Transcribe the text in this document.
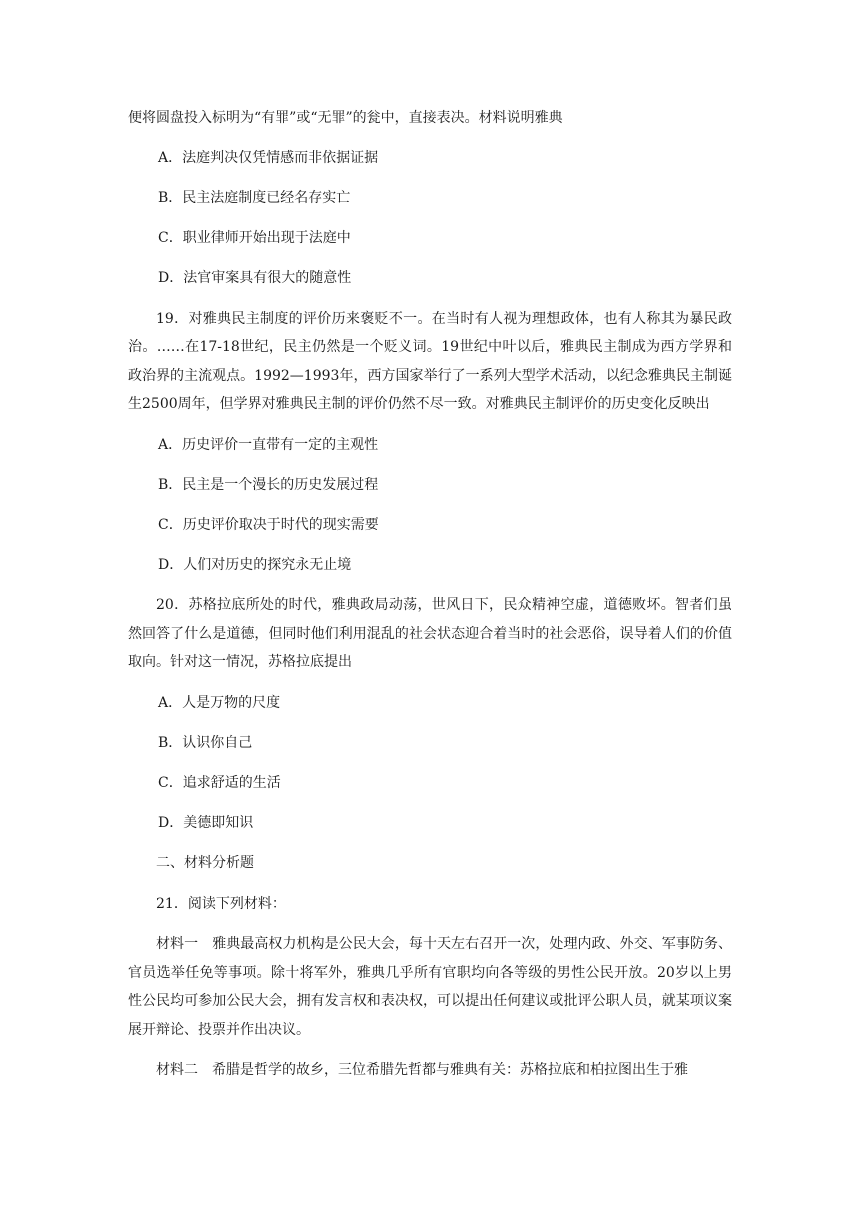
便将圆盘投入标明为“有罪”或“无罪”的瓮中，直接表决。材料说明雅典

A．法庭判决仅凭情感而非依据证据

B．民主法庭制度已经名存实亡

C．职业律师开始出现于法庭中

D．法官审案具有很大的随意性

19．对雅典民主制度的评价历来褒贬不一。在当时有人视为理想政体，也有人称其为暴民政治。……在17-18世纪，民主仍然是一个贬义词。19世纪中叶以后，雅典民主制成为西方学界和政治界的主流观点。1992—1993年，西方国家举行了一系列大型学术活动，以纪念雅典民主制诞生2500周年，但学界对雅典民主制的评价仍然不尽一致。对雅典民主制评价的历史变化反映出

A．历史评价一直带有一定的主观性

B．民主是一个漫长的历史发展过程

C．历史评价取决于时代的现实需要

D．人们对历史的探究永无止境

20．苏格拉底所处的时代，雅典政局动荡，世风日下，民众精神空虚，道德败坏。智者们虽然回答了什么是道德，但同时他们利用混乱的社会状态迎合着当时的社会恶俗，误导着人们的价值取向。针对这一情况，苏格拉底提出

A．人是万物的尺度

B．认识你自己

C．追求舒适的生活

D．美德即知识

二、材料分析题

21．阅读下列材料：

材料一　雅典最高权力机构是公民大会，每十天左右召开一次，处理内政、外交、军事防务、官员选举任免等事项。除十将军外，雅典几乎所有官职均向各等级的男性公民开放。20岁以上男性公民均可参加公民大会，拥有发言权和表决权，可以提出任何建议或批评公职人员，就某项议案展开辩论、投票并作出决议。

材料二　希腊是哲学的故乡，三位希腊先哲都与雅典有关：苏格拉底和柏拉图出生于雅
